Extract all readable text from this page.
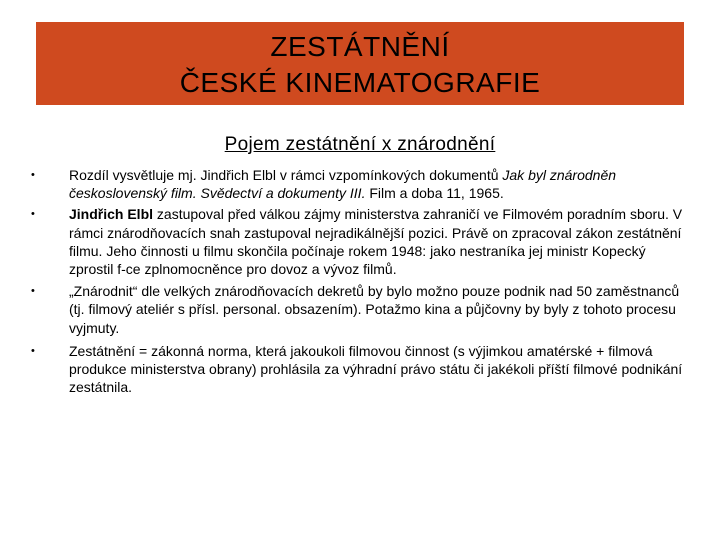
ZESTÁTNĚNÍ
ČESKÉ KINEMATOGRAFIE
Pojem zestátnění x znárodnění
• Rozdíl vysvětluje mj. Jindřich Elbl v rámci vzpomínkových dokumentů Jak byl znárodněn československý film. Svědectví a dokumenty III. Film a doba 11, 1965.
• Jindřich Elbl zastupoval před válkou zájmy ministerstva zahraničí ve Filmovém poradním sboru. V rámci znárodňovacích snah zastupoval nejradikálnější pozici. Právě on zpracoval zákon zestátnění filmu. Jeho činnosti u filmu skončila počínaje rokem 1948: jako nestraníka jej ministr Kopecký zprostil f-ce zplnomocněnce pro dovoz a vývoz filmů.
• „Znárodnit“ dle velkých znárodňovacích dekretů by bylo možno pouze podnik nad 50 zaměstnanců (tj. filmový ateliér s přísl. personal. obsazením). Potažmo kina a půjčovny by byly z tohoto procesu vyjmuty.
• Zestátnění = zákonná norma, která jakoukoli filmovou činnost (s výjimkou amatérské + filmová produkce ministerstva obrany) prohlásila za výhradní právo státu či jakékoli příští filmové podnikání zestátnila.
